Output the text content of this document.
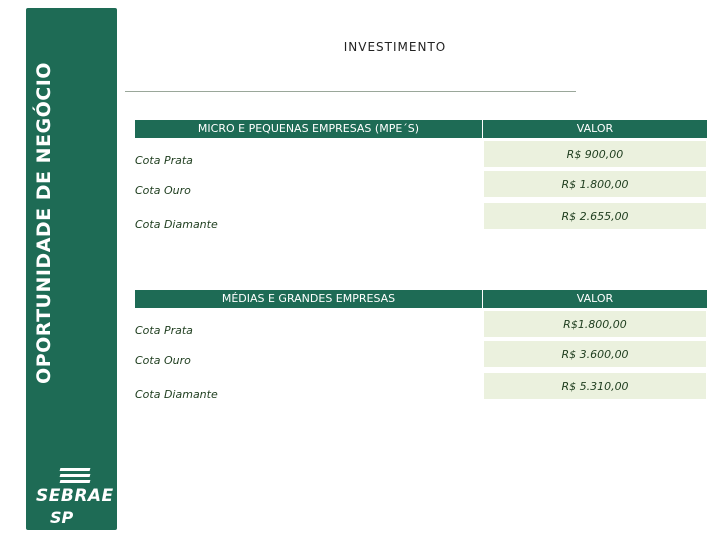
OPORTUNIDADE DE NEGÓCIO
SEBRAE
SP
INVESTIMENTO
MICRO E PEQUENAS EMPRESAS (MPE´S)	VALOR
R$ 900,00
Cota Prata
R$ 1.800,00
Cota Ouro
R$ 2.655,00
Cota Diamante
MÉDIAS E GRANDES EMPRESAS	VALOR
R$1.800,00
Cota Prata
R$ 3.600,00
Cota Ouro
R$ 5.310,00
Cota Diamante
